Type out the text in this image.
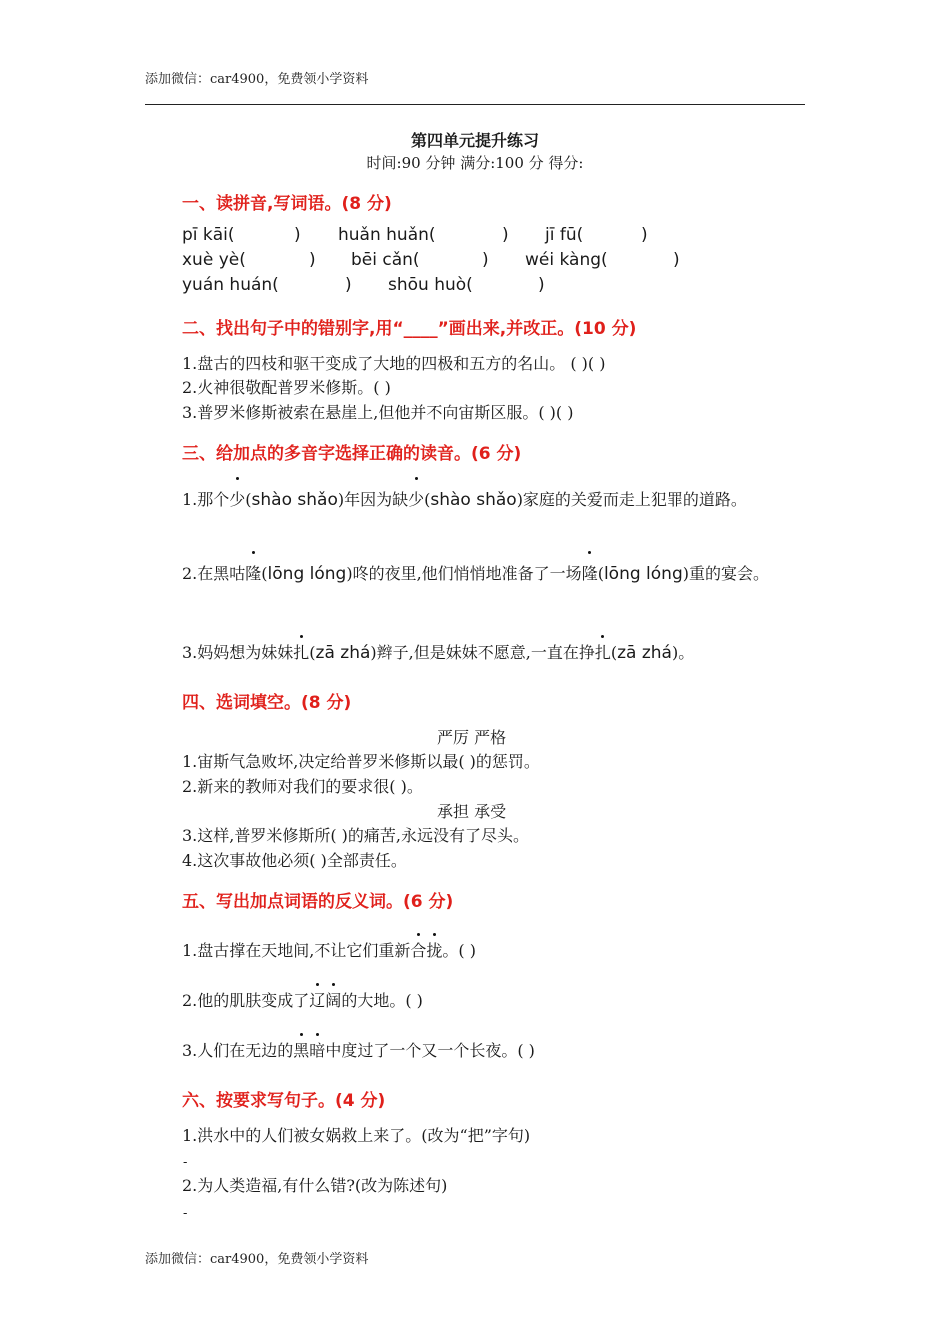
添加微信：car4900，免费领小学资料
第四单元提升练习
时间:90 分钟 满分:100 分 得分:
一、读拼音,写词语。(8 分)
pī kāi(	) huǎn huǎn(	) jī fū(	)
xuè yè(	) bēi cǎn(	) wéi kàng(	)
yuán huán(	) shōu huò(	)
二、找出句子中的错别字,用“____”画出来,并改正。(10 分)
1.盘古的四枝和驱干变成了大地的四极和五方的名山。 ( )( )
2.火神很敬配普罗米修斯。( )
3.普罗米修斯被索在悬崖上,但他并不向宙斯区服。( )( )
三、给加点的多音字选择正确的读音。(6 分)
1.那个少(shào shǎo)年因为缺少(shào shǎo)家庭的关爱而走上犯罪的道路。
2.在黑咕隆(lōng lóng)咚的夜里,他们悄悄地准备了一场隆(lōng lóng)重的宴会。
3.妈妈想为妹妹扎(zā zhá)辫子,但是妹妹不愿意,一直在挣扎(zā zhá)。
四、选词填空。(8 分)
严厉 严格
1.宙斯气急败坏,决定给普罗米修斯以最( )的惩罚。
2.新来的教师对我们的要求很( )。
承担 承受
3.这样,普罗米修斯所( )的痛苦,永远没有了尽头。
4.这次事故他必须( )全部责任。
五、写出加点词语的反义词。(6 分)
1.盘古撑在天地间,不让它们重新合拢。( )
2.他的肌肤变成了辽阔的大地。( )
3.人们在无边的黑暗中度过了一个又一个长夜。( )
六、按要求写句子。(4 分)
1.洪水中的人们被女娲救上来了。(改为“把”字句)
-
2.为人类造福,有什么错?(改为陈述句)
-
添加微信：car4900，免费领小学资料
